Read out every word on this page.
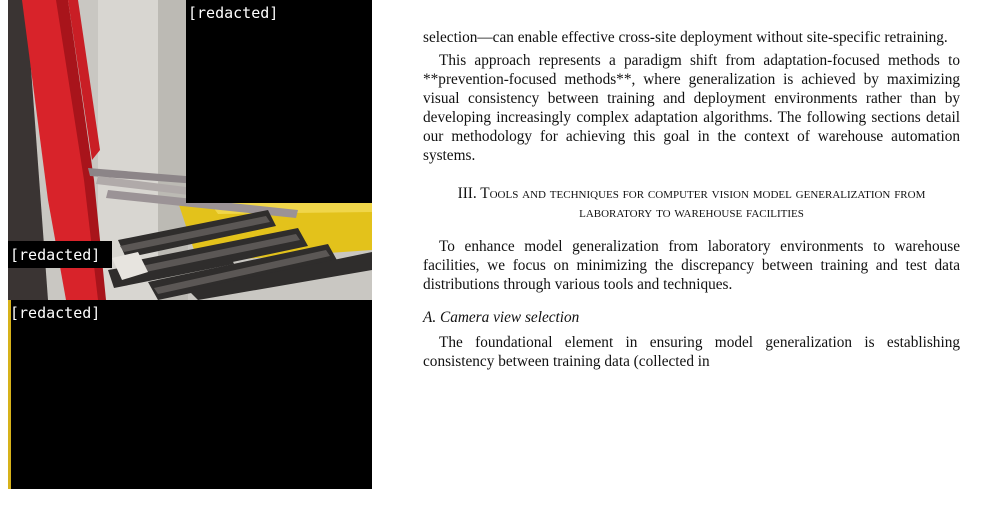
[redacted]
[redacted]
[redacted]

selection—can enable effective cross-site deployment without site-specific retraining.

This approach represents a paradigm shift from adaptation-focused methods to **prevention-focused methods**, where generalization is achieved by maximizing visual consistency between training and deployment environments rather than by developing increasingly complex adaptation algorithms. The following sections detail our methodology for achieving this goal in the context of warehouse automation systems.

III. Tools and techniques for computer vision model generalization from laboratory to warehouse facilities

To enhance model generalization from laboratory environments to warehouse facilities, we focus on minimizing the discrepancy between training and test data distributions through various tools and techniques.

A. Camera view selection

The foundational element in ensuring model generalization is establishing consistency between training data (collected in
